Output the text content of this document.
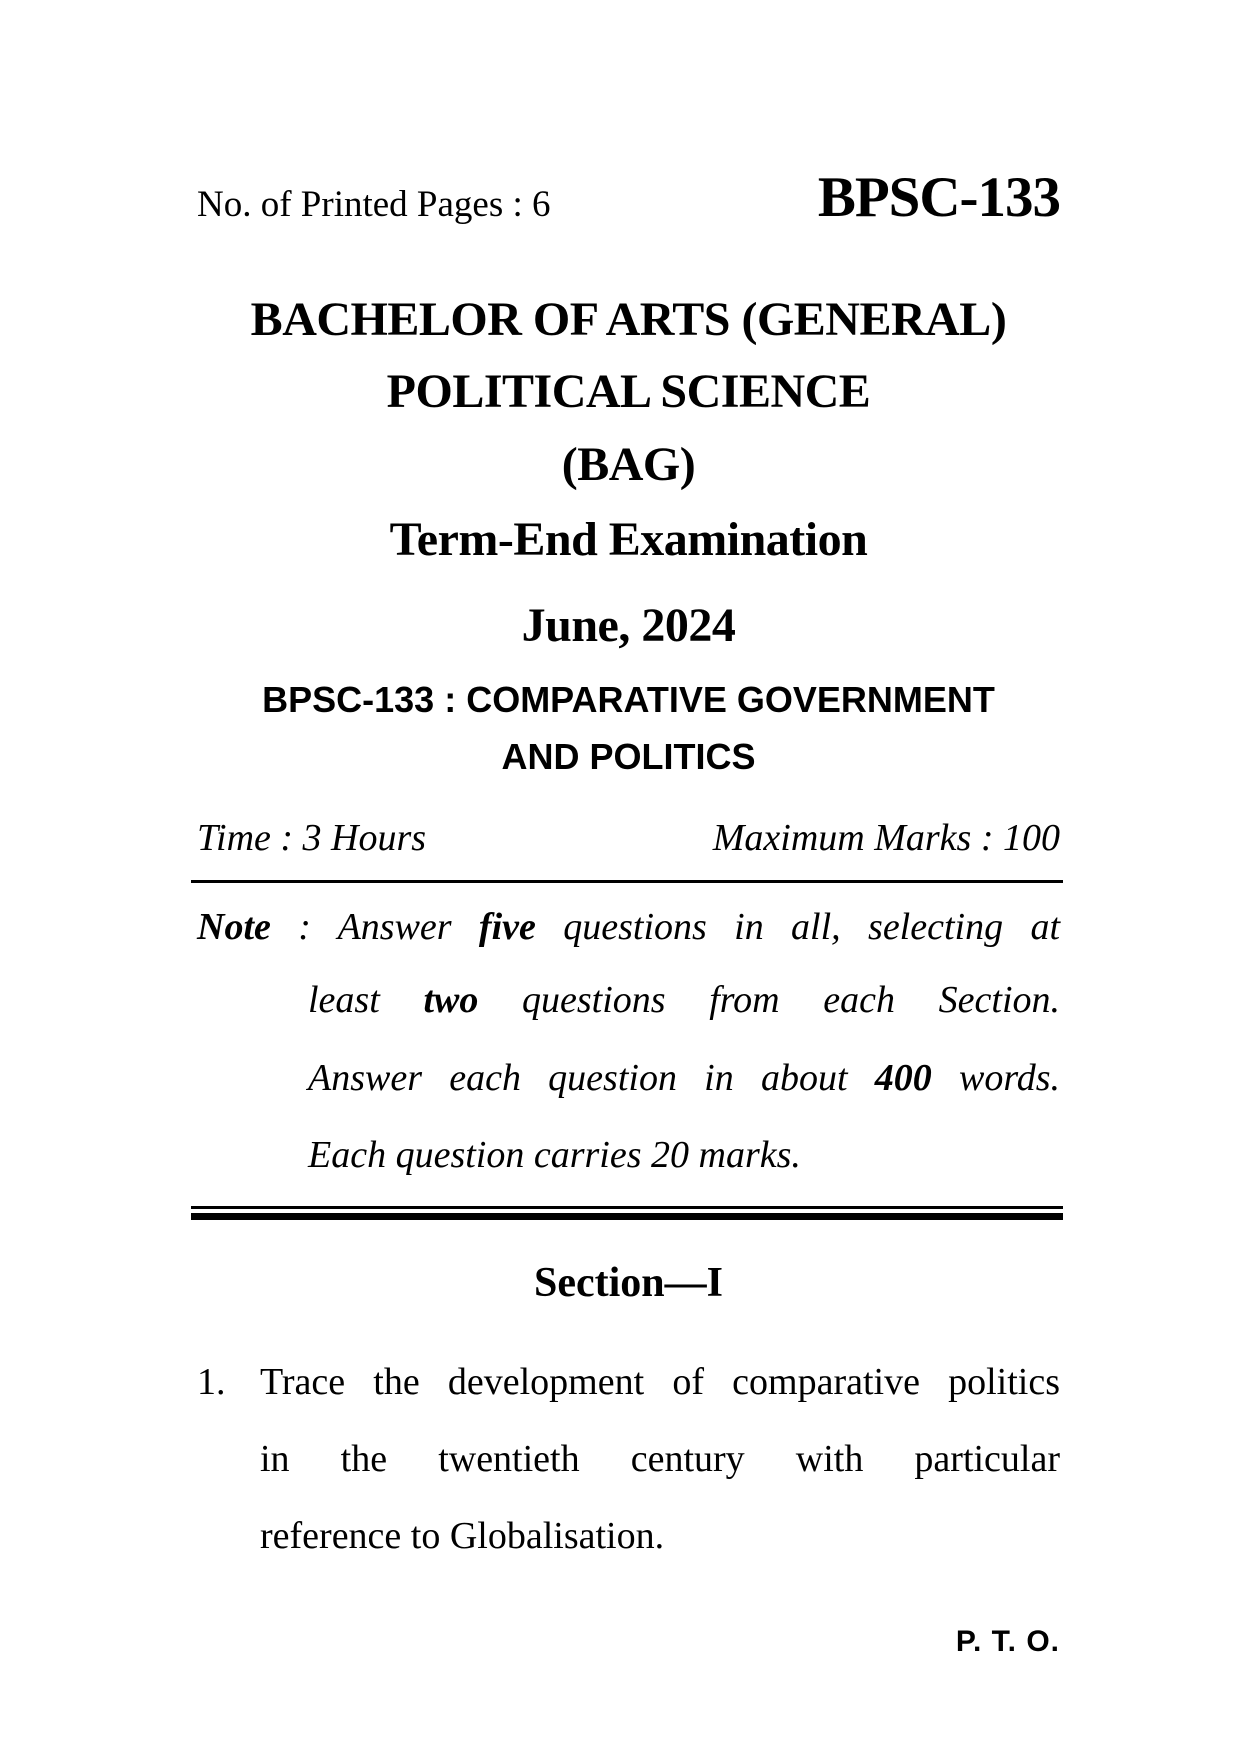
No. of Printed Pages : 6	BPSC-133
BACHELOR OF ARTS (GENERAL)
POLITICAL SCIENCE
(BAG)
Term-End Examination
June, 2024
BPSC-133 : COMPARATIVE GOVERNMENT
AND POLITICS
Time : 3 Hours	Maximum Marks : 100
Note : Answer five questions in all, selecting at
least two questions from each Section.
Answer each question in about 400 words.
Each question carries 20 marks.
Section—I
1. Trace the development of comparative politics
in the twentieth century with particular
reference to Globalisation.
P. T. O.
